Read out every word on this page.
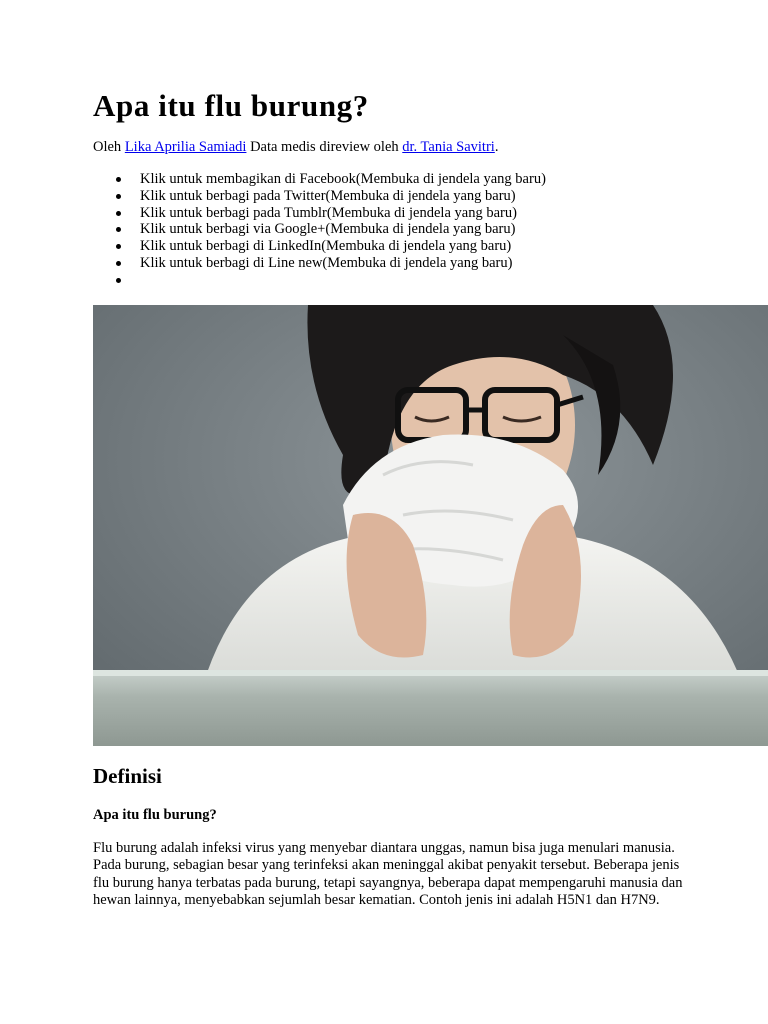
Apa itu flu burung?

Oleh Lika Aprilia Samiadi Data medis direview oleh dr. Tania Savitri.

Klik untuk membagikan di Facebook(Membuka di jendela yang baru)
Klik untuk berbagi pada Twitter(Membuka di jendela yang baru)
Klik untuk berbagi pada Tumblr(Membuka di jendela yang baru)
Klik untuk berbagi via Google+(Membuka di jendela yang baru)
Klik untuk berbagi di LinkedIn(Membuka di jendela yang baru)
Klik untuk berbagi di Line new(Membuka di jendela yang baru)
Definisi
Apa itu flu burung?

Flu burung adalah infeksi virus yang menyebar diantara unggas, namun bisa juga menulari manusia. Pada burung, sebagian besar yang terinfeksi akan meninggal akibat penyakit tersebut. Beberapa jenis flu burung hanya terbatas pada burung, tetapi sayangnya, beberapa dapat mempengaruhi manusia dan hewan lainnya, menyebabkan sejumlah besar kematian. Contoh jenis ini adalah H5N1 dan H7N9.
